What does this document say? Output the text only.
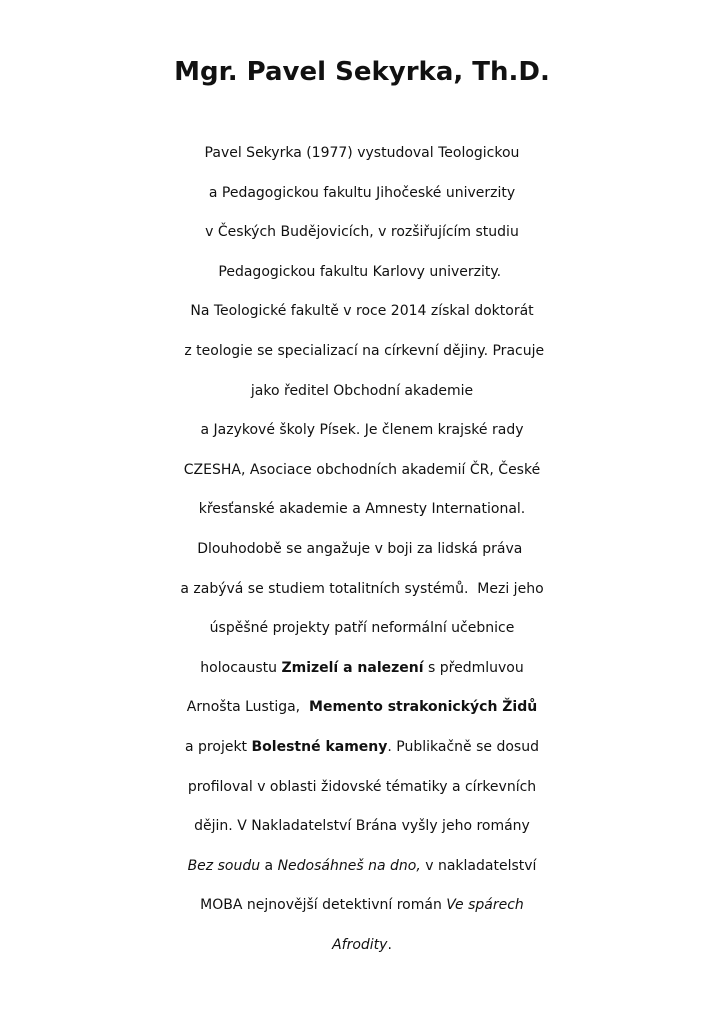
Mgr. Pavel Sekyrka, Th.D.
Pavel Sekyrka (1977) vystudoval Teologickou
a Pedagogickou fakultu Jihočeské univerzity
v Českých Budějovicích, v rozšiřujícím studiu
Pedagogickou fakultu Karlovy univerzity.
Na Teologické fakultě v roce 2014 získal doktorát
z teologie se specializací na církevní dějiny. Pracuje
jako ředitel Obchodní akademie
a Jazykové školy Písek. Je členem krajské rady
CZESHA, Asociace obchodních akademií ČR, České
křesťanské akademie a Amnesty International.
Dlouhodobě se angažuje v boji za lidská práva
a zabývá se studiem totalitních systémů.  Mezi jeho
úspěšné projekty patří neformální učebnice
holocaustu Zmizelí a nalezení s předmluvou
Arnošta Lustiga,  Memento strakonických Židů
a projekt Bolestné kameny. Publikačně se dosud
profiloval v oblasti židovské tématiky a církevních
dějin. V Nakladatelství Brána vyšly jeho romány
Bez soudu a Nedosáhneš na dno, v nakladatelství
MOBA nejnovější detektivní román Ve spárech
Afrodity.
